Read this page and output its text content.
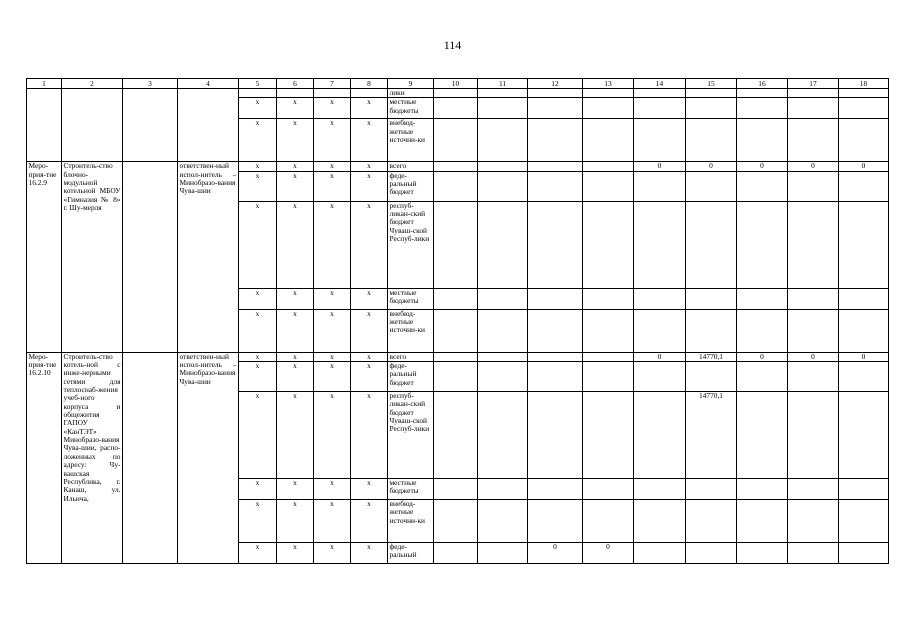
114
1	2	3	4	5	6	7	8	9	10	11	12	13	14	15	16	17	18
								лики									
				x	x	x	x	местные бюджеты									
				x	x	x	x	внебюд-жетные источни-ки									
Меро-прия-тие 16.2.9	Строитель-ство блочно-модульной котельной МБОУ «Гимназия № 8» г. Шу-мерля		ответствен-ный испол-нитель – Минобразо-вания Чува-шии	x	x	x	x	всего					0	0	0	0	0
				x	x	x	x	феде-ральный бюджет									
				x	x	x	x	респуб-ликан-ский бюджет Чуваш-ской Респуб-лики									
				x	x	x	x	местные бюджеты									
				x	x	x	x	внебюд-жетные источни-ки									
Меро-прия-тие 16.2.10	Строитель-ство котель-ной с инже-нерными сетями для теплоснаб-жения учеб-ного корпуса и общежития ГАПОУ «КанТЭТ» Минобразо-вания Чува-шии, распо-ложенных по адресу: Чу-вашская Республика, г. Канаш, ул. Ильича,		ответствен-ный испол-нитель – Минобразо-вания Чува-шии	x	x	x	x	всего					0	14770,1	0	0	0
				x	x	x	x	феде-ральный бюджет									
				x	x	x	x	респуб-ликан-ский бюджет Чуваш-ской Респуб-лики						14770,1			
				x	x	x	x	местные бюджеты									
				x	x	x	x	внебюд-жетные источни-ки									
				x	x	x	x	феде-ральный			0	0					
